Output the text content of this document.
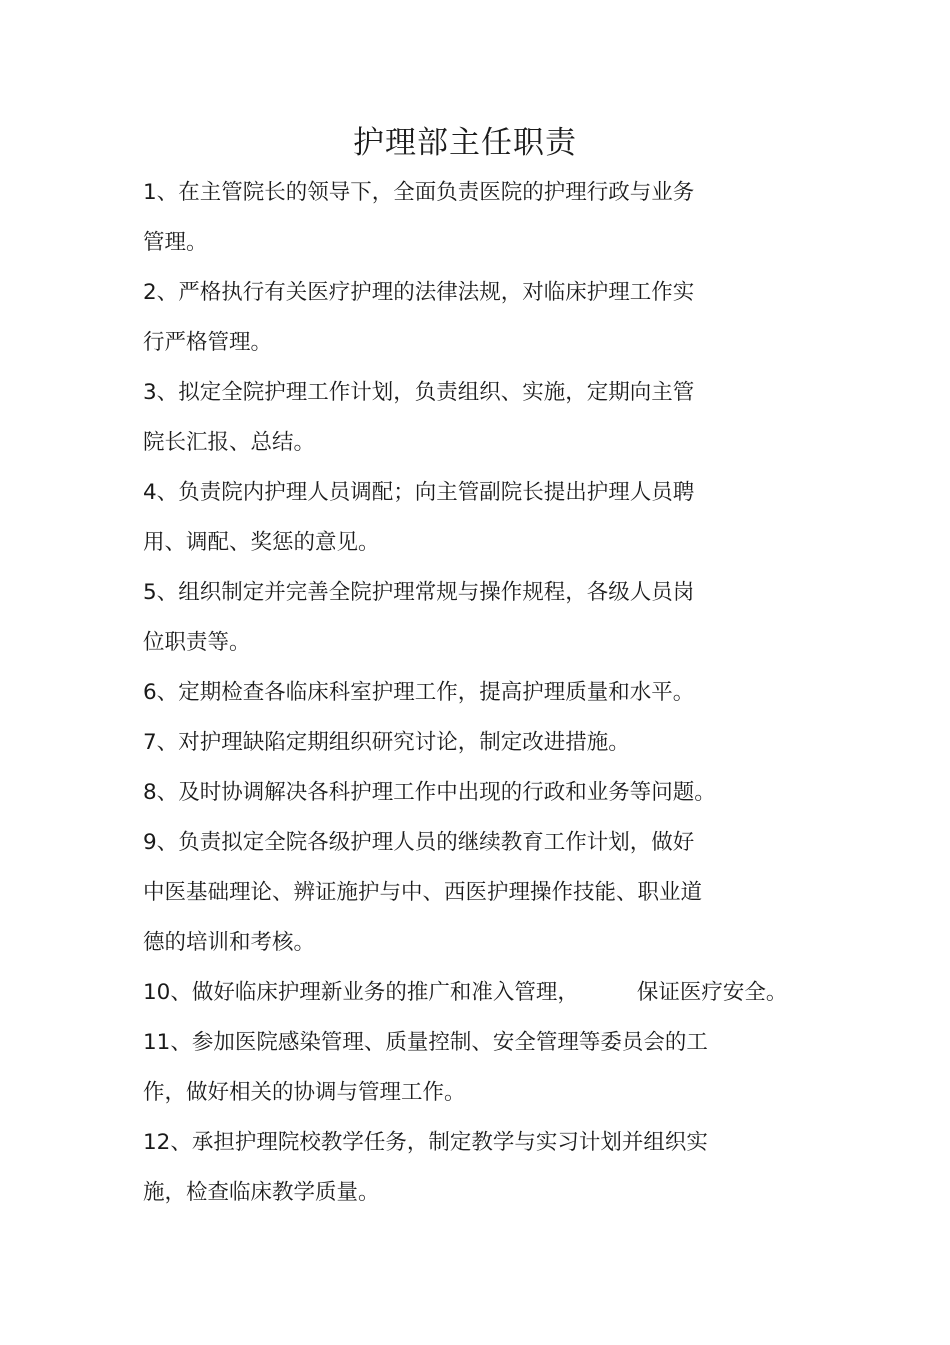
护理部主任职责
1、在主管院长的领导下，全面负责医院的护理行政与业务
管理。
2、严格执行有关医疗护理的法律法规，对临床护理工作实
行严格管理。
3、拟定全院护理工作计划，负责组织、实施，定期向主管
院长汇报、总结。
4、负责院内护理人员调配；向主管副院长提出护理人员聘
用、调配、奖惩的意见。
5、组织制定并完善全院护理常规与操作规程，各级人员岗
位职责等。
6、定期检查各临床科室护理工作，提高护理质量和水平。
7、对护理缺陷定期组织研究讨论，制定改进措施。
8、及时协调解决各科护理工作中出现的行政和业务等问题。
9、负责拟定全院各级护理人员的继续教育工作计划，做好
中医基础理论、辨证施护与中、西医护理操作技能、职业道
德的培训和考核。
10、做好临床护理新业务的推广和准入管理，	保证医疗安全。
11、参加医院感染管理、质量控制、安全管理等委员会的工
作，做好相关的协调与管理工作。
12、承担护理院校教学任务，制定教学与实习计划并组织实
施，检查临床教学质量。
